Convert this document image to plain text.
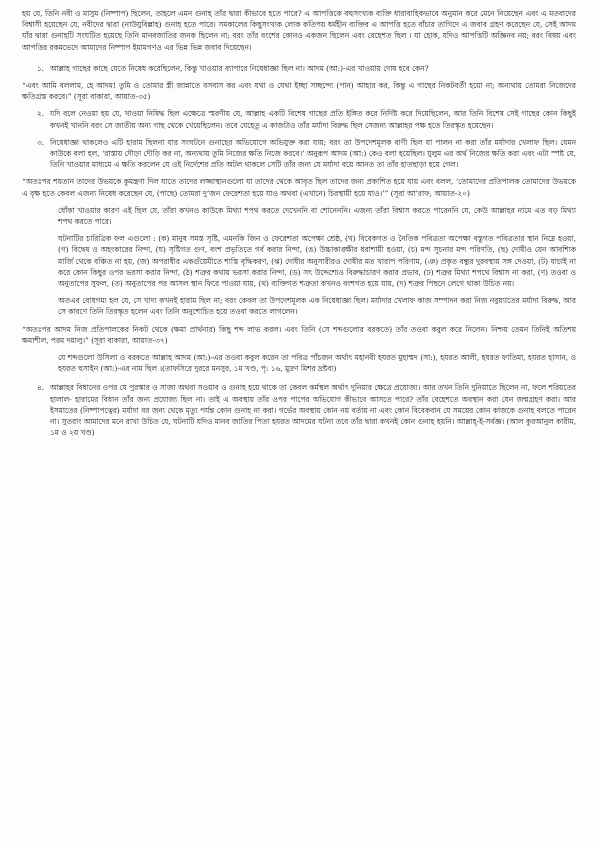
হয় যে, তিনি নবী ও মাসুম (নিষ্পাপ) ছিলেন, তাহলে এমন গুনাহ তাঁর দ্বারা কীভাবে হতে পারে? এ আপত্তিকে বহুসংখ্যক ব্যক্তি ধারাবাহিকভাবে অনুমান করে মেনে নিয়েছেন এবং এ মতবাদের বিশ্বাসী হয়েছেন যে, নবীদের দ্বারা (নাউযুবিল্লাহ) গুনাহ হতে পারে। সমকালের কিছুসংখ্যক লোক কতিপয় ধর্মহীন ব্যক্তির এ আপত্তি হতে বাঁচার তাগিদে এ জবাব গ্রহণ করেছেন যে, সেই আদম যাঁর দ্বারা গুনাহটি সংঘটিত হয়েছে তিনি মানবজাতির জনক ছিলেন না; বরং তাঁর বংশের কোনও একজন ছিলেন এবং বেহেশত ছিল । যা হোক, যদিও আপত্তিটি অজ্ঞিনব নয়; বরং বিষয় এবং আপত্তির রকমভেদে আমাদের নিষ্পাপ ইমামগণও এর ভিন্ন ভিন্ন জবাব দিয়েছেন।

১. আল্লাহ গাছের কাছে যেতে নিষেধ করেছিলেন, কিন্তু খাওয়ার ব্যাপারে নিষেধাজ্ঞা ছিল না। আদম (আ:)-এর খাওয়ায় দোষ হবে কেন?

“এবং আমি বললাম, হে আদম! তুমি ও তোমার স্ত্রী জান্নাতে বসবাস কর এবং যথা ও যেথা ইচ্ছা সচ্ছন্দ্যে (পান) আহার কর, কিন্তু এ গাছের নিকটবর্তী হয়ো না; অন্যথায় তোমরা নিজেদের ক্ষতিগ্রস্ত করবে।” (সূরা বাকারা, আয়াত-৩৫)

২. যদি বলে নেওয়া হয় যে, খাওয়া নিষিদ্ধ ছিল এক্ষেত্রে স্মরণীয় যে, আল্লাহ একটি বিশেষ গাছের প্রতি ইঙ্গিত করে নির্দিষ্ট করে দিয়েছিলেন, আর তিনি বিশেষ সেই গাছের কোন কিছুই কখনই খাননি বরং সে জাতীয় অন্য গাছ থেকে খেয়েছিলেন। তবে যেহেতু এ কাজটাও তাঁর মর্যাদা বিরুদ্ধ ছিল সেজন্য আল্লাহর পক্ষ হতে তিরস্কৃত হয়েছেন।

৩. নিষেধাজ্ঞা থাকলেও এটি হারাম ছিলনা যার সংঘটনে গুনাহের অভিযোগে অভিযুক্ত করা যায়; বরং তা উপদেশমূলক বাণী ছিল যা পালন না করা তাঁর মর্যাদার খেলাফ ছিল। যেমন কাউকে বলা হল, ‘রাস্তায় দৌড়া দৌড়ি কর না, অন্যথায় তুমি নিজের ক্ষতি নিজে করবে।’ অনুরূপ আদম (আ:) কেও বলা হয়েছিল। যুলুম এর অর্থ নিজের ক্ষতি করা এবং এটা স্পষ্ট যে, তিনি খাওয়ার মাধ্যমে এ ক্ষতি করলেন যে ওই নির্দেশের প্রতি অটল থাকলে সেটি তাঁর জন্য যে মর্যাদা বয়ে আনত তা তাঁর হাতছাড়া হয়ে গেল।

“অতঃপর শয়তান তাদের উভয়কে কুমন্ত্রণা দিল যাতে তাদের লজ্জাস্থানগুলো যা তাদের থেকে আবৃত ছিল তাদের জন্য প্রকাশিত হয়ে যায় এবং বলল, ‘তোমাদের প্রতিপালক তোমাদের উভয়কে এ বৃক্ষ হতে কেবল এজন্য নিষেধ করেছেন যে, (পাছে) তোমরা দু’জন ফেরেশতা হয়ে যাও অথবা (এখানে) চিরস্থায়ী হয়ে যাও।’” (সূরা আ’রাফ, আয়াত-২০)

ধোঁকা খাওয়ার কারণ এই ছিল যে, তাঁরা কখনও কাউকে মিথ্যা শপথ করতে দেখেননি বা শোনেননি। এজন্য তাঁরা বিশ্বাস করতে পারেননি যে, কেউ আল্লাহর নামে এত বড় মিথ্যা শপথ করতে পারে।

ঘটনাটির চারিত্রিক ফল এগুলো : (ক) মানুষ সমস্ত সৃষ্টি, এমনকি জিন ও ফেরেশতা অপেক্ষা শ্রেষ্ঠ, (খ) বিবেকগত ও নৈতিক পবিত্রতা অপেক্ষা বস্তুগত পবিত্রতার স্থান নিম্নে হওয়া, (গ) বিদ্বেষ ও অহংকারের নিন্দা, (ঘ) সৃষ্টিগত গুণ, বংশ প্রভৃতিতে গর্ব করার নিন্দা, (ঙ) উচ্চাকাঙ্ক্ষীর ধরাশায়ী হওয়া, (চ) মন্দ সূচনার মন্দ পরিণতি, (ছ) দোষীও যেন আবশ্যিক মার্জি থেকে বঞ্চিত না হয়, (জ) অপরাধীর একগুঁয়েমীতে শাস্তি বৃদ্ধিকরণ, (ঝ) দোষীর অনুসারীরও দোষীর মত খারাপ পরিণাম, (ঞ) প্রকৃত বন্ধুর দুরবস্থায় সঙ্গ দেওয়া, (ট) যাচাই না করে কোন কিছুর ওপর ভরসা করার নিন্দা, (ঠ) শত্রুর কথায় ভরসা করার নিন্দা, (ড) সৎ উদ্দেশ্যেও বিরুদ্ধাচারণ করার প্রভাব, (ঢ) শত্রুর মিথ্যা শপথে বিশ্বাস না করা, (ণ) তওবা ও অনুতাপের সুফল, (ত) অনুতাপের পর আসল স্থান ফিরে পাওয়া যায়, (থ) ব্যক্তিগত শত্রুতা কখনও বংশগত হয়ে যায়, (দ) শত্রুর পিছনে লেগে থাকা উচিত নয়।

অতএব বোধগম্য হল যে, সে খাদ্য কখনই হারাম ছিল না; বরং কেবল তা উপদেশমূলক এক নিষেধাজ্ঞা ছিল। মর্যাদার খেলাফ কাজ সম্পাদন করা নিজ নবুয়্যাতের মর্যাদা বিরুদ্ধ, আর সে কারণে তিনি তিরস্কৃত হলেন এবং তিনি অনুশোচিত হয়ে তওবা করতে লাগলেন।

“অতঃপর আদম নিজ প্রতিপালকের নিকট থেকে (ক্ষমা প্রার্থনার) কিছু শব্দ লাভ করল। এবং তিনি (সে শব্দগুলোর বরকতে) তাঁর তওবা কবুল করে নিলেন। নিশ্চয় তেমন তিনিই অতিশয় ক্ষমাশীল, পরম দয়ালু।” (সূরা বাকারা, আয়াত-৩৭)

যে শব্দগুলো উসিলা ও বরকতে আল্লাহ আদম (আ:)-এর তওবা কবুল করেন তা পবিত্র পাঁচজন অর্থাৎ মহানবী হযরত মুহাম্মদ (সা:), হযরত আলী, হযরত ফাতিমা, হযরত হাসান, ও হযরত হুসাইন (আ:)-এর নাম ছিল ।(তাফসিরে দুররে মনসুর, ১ম খণ্ড, পৃ: ১৬, মুদ্রণ মিশর দ্রষ্টব্য)

৪. আল্লাহর বিধানের ওপর যে পুরস্কার ও সাজা অথবা সওয়াব ও গুনাহ হয়ে থাকে তা কেবল কর্মস্থল অর্থাৎ দুনিয়ার ক্ষেত্রে প্রযোজ্য। আর তখন তিনি দুনিয়াতে ছিলেন না, ফলে শরিয়তের হালাল- হারামের বিধান তাঁর জন্য প্রযোজ্য ছিল না। তাই এ অবস্থায় তাঁর ওপর পাপের অভিযোগ কীভাবে আসতে পারে? তাঁর বেহেশতে অবস্থান করা যেন জন্মগ্রহণ করা। আর ইসমাতের (নিষ্পাপত্বের) মর্যাদা বর জন্য থেকে মৃত্যু পর্যন্ত কোন গুনাহ না করা। গর্ভের অবস্থায় কোন নয় বর্তায় না এবং কোন বিবেকবান যে সময়ের কোন কাজকে গুনাহ বলতে পারেন না। সুতরাং আমাদের মনে রাখা উচিত যে, ঘটনাটি যদিও মানব জাতির পিতা হযরত আদমের ঘটনা তবে তাঁর দ্বারা কখনই কোন গুনাহ হয়নি। আল্লাহ্-ই-সর্বজ্ঞ। (আল কুরআনুল কারীম, ১ম ও ২য় খণ্ড)
